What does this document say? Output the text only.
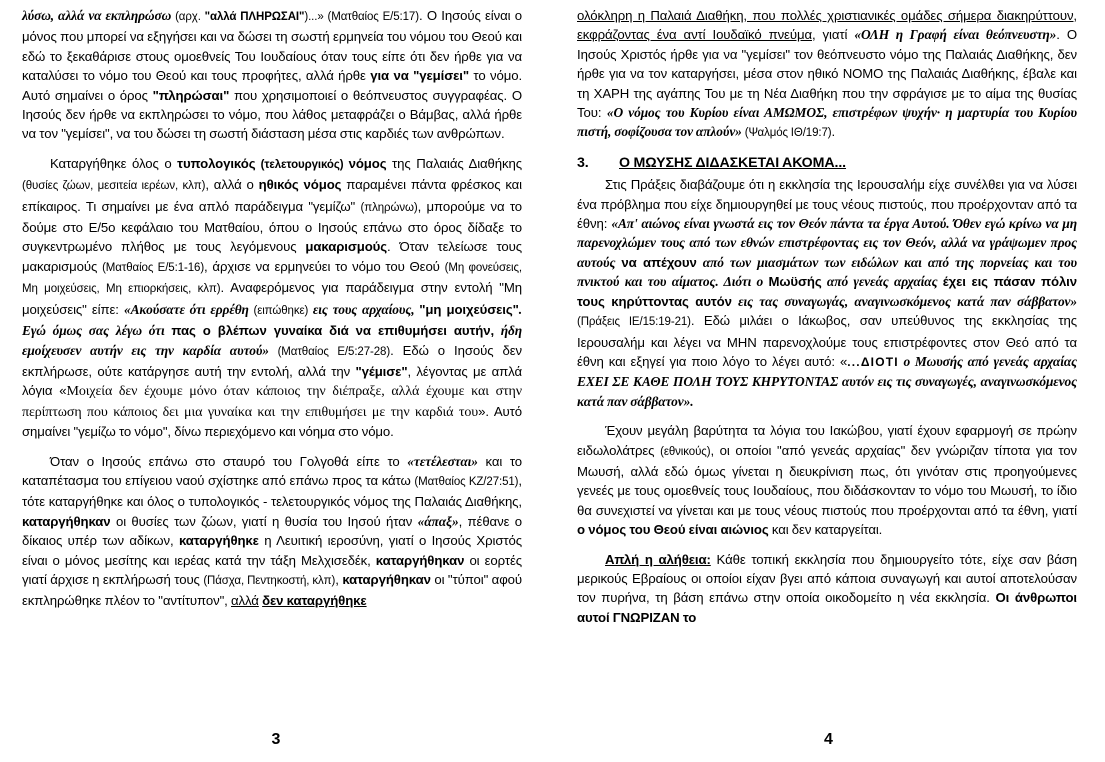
λύσω, αλλά να εκπληρώσω (αρχ. "αλλά ΠΛΗΡΩΣΑΙ")...» (Ματθαίος Ε/5:17). Ο Ιησούς είναι ο μόνος που μπορεί να εξηγήσει και να δώσει τη σωστή ερμηνεία του νόμου του Θεού και εδώ το ξεκαθάρισε στους ομοεθνείς Του Ιουδαίους όταν τους είπε ότι δεν ήρθε για να καταλύσει το νόμο του Θεού και τους προφήτες, αλλά ήρθε για να "γεμίσει" το νόμο. Αυτό σημαίνει ο όρος "πληρώσαι" που χρησιμοποιεί ο θεόπνευστος συγγραφέας. Ο Ιησούς δεν ήρθε να εκπληρώσει το νόμο, που λάθος μεταφράζει ο Βάμβας, αλλά ήρθε να τον "γεμίσει", να του δώσει τη σωστή διάσταση μέσα στις καρδιές των ανθρώπων.

Καταργήθηκε όλος ο τυπολογικός (τελετουργικός) νόμος της Παλαιάς Διαθήκης (θυσίες ζώων, μεσιτεία ιερέων, κλπ), αλλά ο ηθικός νόμος παραμένει πάντα φρέσκος και επίκαιρος. Τι σημαίνει με ένα απλό παράδειγμα "γεμίζω" (πληρώνω), μπορούμε να το δούμε στο Ε/5ο κεφάλαιο του Ματθαίου, όπου ο Ιησούς επάνω στο όρος δίδαξε το συγκεντρωμένο πλήθος με τους λεγόμενους μακαρισμούς. Όταν τελείωσε τους μακαρισμούς (Ματθαίος Ε/5:1-16), άρχισε να ερμηνεύει το νόμο του Θεού (Μη φονεύσεις, Μη μοιχεύσεις, Μη επιορκήσεις, κλπ). Αναφερόμενος για παράδειγμα στην εντολή "Μη μοιχεύσεις" είπε: «Ακούσατε ότι ερρέθη (ειπώθηκε) εις τους αρχαίους, "μη μοιχεύσεις". Εγώ όμως σας λέγω ότι πας ο βλέπων γυναίκα διά να επιθυμήσει αυτήν, ήδη εμοίχευσεν αυτήν εις την καρδία αυτού» (Ματθαίος Ε/5:27-28). Εδώ ο Ιησούς δεν εκπλήρωσε, ούτε κατάργησε αυτή την εντολή, αλλά την "γέμισε", λέγοντας με απλά λόγια «Μοιχεία δεν έχουμε μόνο όταν κάποιος την διέπραξε, αλλά έχουμε και στην περίπτωση που κάποιος δει μια γυναίκα και την επιθυμήσει με την καρδιά του». Αυτό σημαίνει "γεμίζω το νόμο", δίνω περιεχόμενο και νόημα στο νόμο.

Όταν ο Ιησούς επάνω στο σταυρό του Γολγοθά είπε το «τετέλεσται» και το καταπέτασμα του επίγειου ναού σχίστηκε από επάνω προς τα κάτω (Ματθαίος ΚΖ/27:51), τότε καταργήθηκε και όλος ο τυπολογικός - τελετουργικός νόμος της Παλαιάς Διαθήκης, καταργήθηκαν οι θυσίες των ζώων, γιατί η θυσία του Ιησού ήταν «άπαξ», πέθανε ο δίκαιος υπέρ των αδίκων, καταργήθηκε η Λευιτική ιεροσύνη, γιατί ο Ιησούς Χριστός είναι ο μόνος μεσίτης και ιερέας κατά την τάξη Μελχισεδέκ, καταργήθηκαν οι εορτές γιατί άρχισε η εκπλήρωσή τους (Πάσχα, Πεντηκοστή, κλπ), καταργήθηκαν οι "τύποι" αφού εκπληρώθηκε πλέον το "αντίτυπον", αλλά δεν καταργήθηκε

3

ολόκληρη η Παλαιά Διαθήκη, που πολλές χριστιανικές ομάδες σήμερα διακηρύττουν, εκφράζοντας ένα αντί Ιουδαϊκό πνεύμα, γιατί «ΟΛΗ η Γραφή είναι θεόπνευστη». Ο Ιησούς Χριστός ήρθε για να "γεμίσει" τον θεόπνευστο νόμο της Παλαιάς Διαθήκης, δεν ήρθε για να τον καταργήσει, μέσα στον ηθικό ΝΟΜΟ της Παλαιάς Διαθήκης, έβαλε και τη ΧΑΡΗ της αγάπης Του με τη Νέα Διαθήκη που την σφράγισε με το αίμα της θυσίας Του: «Ο νόμος του Κυρίου είναι ΑΜΩΜΟΣ, επιστρέφων ψυχήν· η μαρτυρία του Κυρίου πιστή, σοφίζουσα τον απλούν» (Ψαλμός ΙΘ/19:7).

3.	Ο ΜΩΥΣΗΣ ΔΙΔΑΣΚΕΤΑΙ ΑΚΟΜΑ...

Στις Πράξεις διαβάζουμε ότι η εκκλησία της Ιερουσαλήμ είχε συνέλθει για να λύσει ένα πρόβλημα που είχε δημιουργηθεί με τους νέους πιστούς, που προέρχονταν από τα έθνη: «Απ' αιώνος είναι γνωστά εις τον Θεόν πάντα τα έργα Αυτού. Όθεν εγώ κρίνω να μη παρενοχλώμεν τους από των εθνών επιστρέφοντας εις τον Θεόν, αλλά να γράψωμεν προς αυτούς να απέχουν από των μιασμάτων των ειδώλων και από της πορνείας και του πνικτού και του αίματος. Διότι ο Μωϋσής από γενεάς αρχαίας έχει εις πάσαν πόλιν τους κηρύττοντας αυτόν εις τας συναγωγάς, αναγινωσκόμενος κατά παν σάββατον» (Πράξεις ΙΕ/15:19-21). Εδώ μιλάει ο Ιάκωβος, σαν υπεύθυνος της εκκλησίας της Ιερουσαλήμ και λέγει να ΜΗΝ παρενοχλούμε τους επιστρέφοντες στον Θεό από τα έθνη και εξηγεί για ποιο λόγο το λέγει αυτό: «...ΔΙΟΤΙ ο Μωυσής από γενεάς αρχαίας ΕΧΕΙ ΣΕ ΚΑΘΕ ΠΟΛΗ ΤΟΥΣ ΚΗΡΥΤΟΝΤΑΣ αυτόν εις τις συναγωγές, αναγινωσκόμενος κατά παν σάββατον».

Έχουν μεγάλη βαρύτητα τα λόγια του Ιακώβου, γιατί έχουν εφαρμογή σε πρώην ειδωλολάτρες (εθνικούς), οι οποίοι "από γενεάς αρχαίας" δεν γνώριζαν τίποτα για τον Μωυσή, αλλά εδώ όμως γίνεται η διευκρίνιση πως, ότι γινόταν στις προηγούμενες γενεές με τους ομοεθνείς τους Ιουδαίους, που διδάσκονταν το νόμο του Μωυσή, το ίδιο θα συνεχιστεί να γίνεται και με τους νέους πιστούς που προέρχονται από τα έθνη, γιατί ο νόμος του Θεού είναι αιώνιος και δεν καταργείται.

Απλή η αλήθεια: Κάθε τοπική εκκλησία που δημιουργείτο τότε, είχε σαν βάση μερικούς Εβραίους οι οποίοι είχαν βγει από κάποια συναγωγή και αυτοί αποτελούσαν τον πυρήνα, τη βάση επάνω στην οποία οικοδομείτο η νέα εκκλησία. Οι άνθρωποι αυτοί ΓΝΩΡΙΖΑΝ το

4
